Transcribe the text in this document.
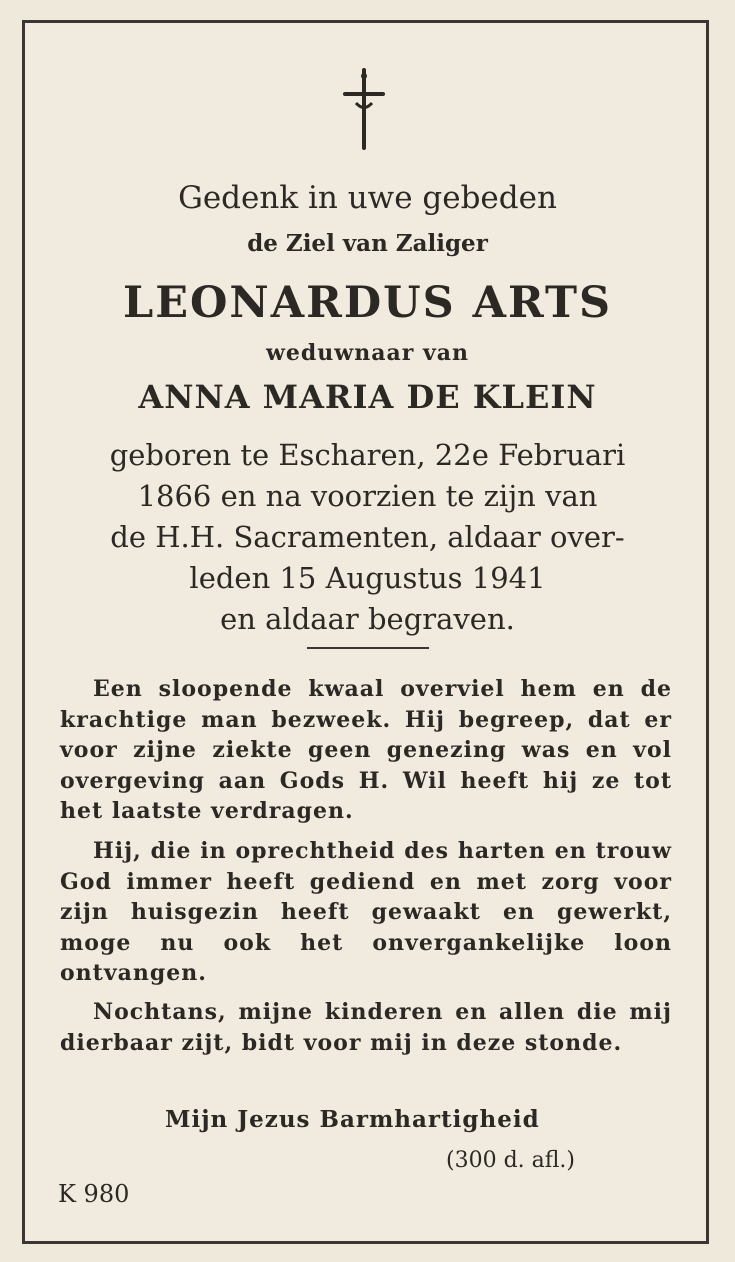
Gedenk in uwe gebeden
de Ziel van Zaliger
LEONARDUS ARTS
weduwnaar van
ANNA MARIA DE KLEIN
geboren te Escharen, 22e Februari
1866 en na voorzien te zijn van
de H.H. Sacramenten, aldaar over-
leden 15 Augustus 1941
en aldaar begraven.
Een sloopende kwaal overviel hem en de krachtige man bezweek. Hij begreep, dat er voor zijne ziekte geen genezing was en vol overgeving aan Gods H. Wil heeft hij ze tot het laatste verdragen.
Hij, die in oprechtheid des harten en trouw God immer heeft gediend en met zorg voor zijn huisgezin heeft gewaakt en gewerkt, moge nu ook het onvergankelijke loon ontvangen.
Nochtans, mijne kinderen en allen die mij dierbaar zijt, bidt voor mij in deze stonde.
Mijn Jezus Barmhartigheid
(300 d. afl.)
K 980
